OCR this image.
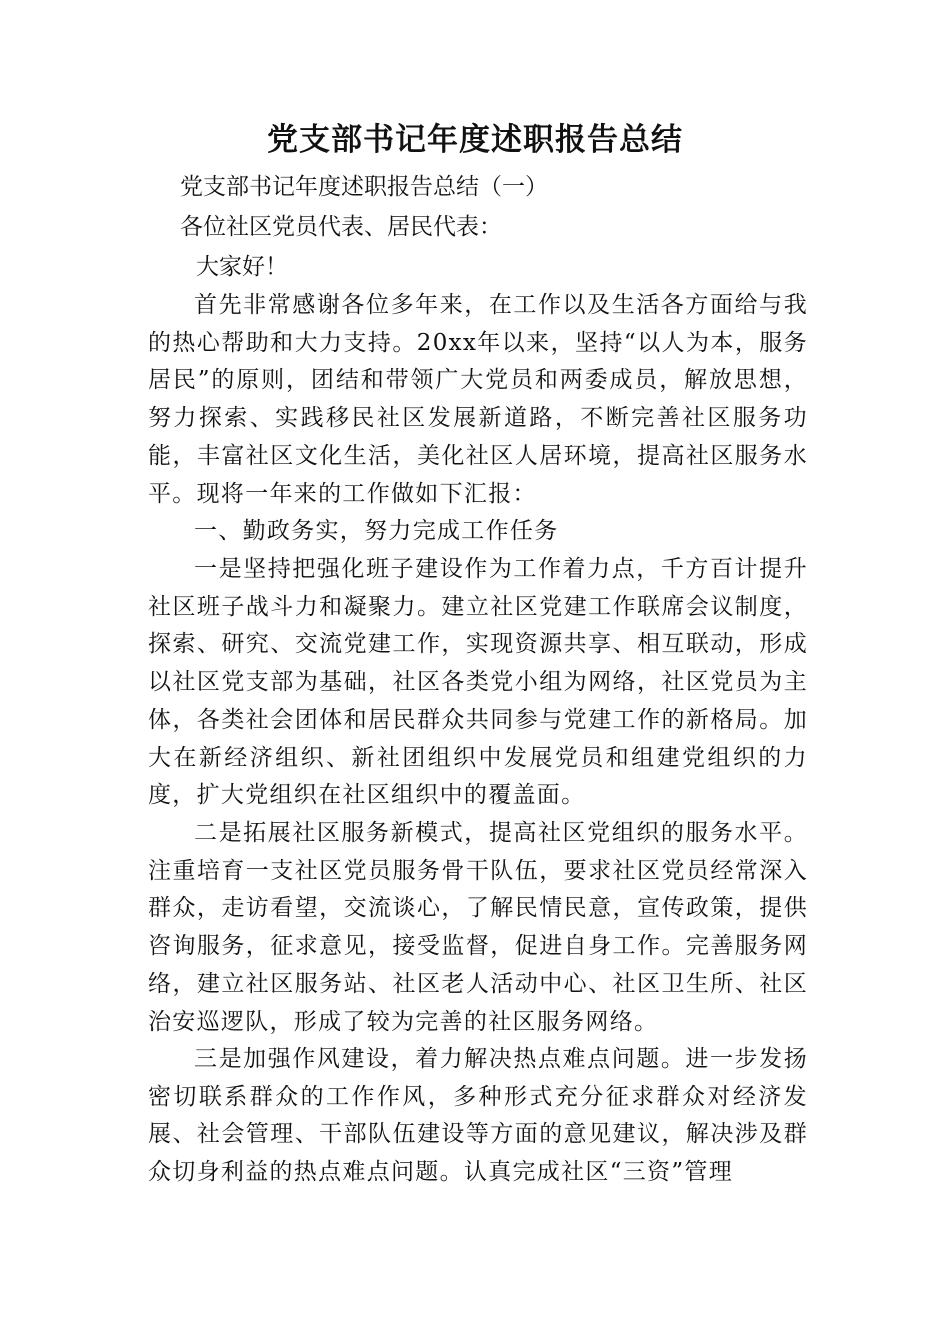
党支部书记年度述职报告总结

党支部书记年度述职报告总结（一）

各位社区党员代表、居民代表：

大家好！

首先非常感谢各位多年来，在工作以及生活各方面给与我的热心帮助和大力支持。20xx年以来，坚持“以人为本，服务居民”的原则，团结和带领广大党员和两委成员，解放思想，努力探索、实践移民社区发展新道路，不断完善社区服务功能，丰富社区文化生活，美化社区人居环境，提高社区服务水平。现将一年来的工作做如下汇报：

一、勤政务实，努力完成工作任务

一是坚持把强化班子建设作为工作着力点，千方百计提升社区班子战斗力和凝聚力。建立社区党建工作联席会议制度，探索、研究、交流党建工作，实现资源共享、相互联动，形成以社区党支部为基础，社区各类党小组为网络，社区党员为主体，各类社会团体和居民群众共同参与党建工作的新格局。加大在新经济组织、新社团组织中发展党员和组建党组织的力度，扩大党组织在社区组织中的覆盖面。

二是拓展社区服务新模式，提高社区党组织的服务水平。注重培育一支社区党员服务骨干队伍，要求社区党员经常深入群众，走访看望，交流谈心，了解民情民意，宣传政策，提供咨询服务，征求意见，接受监督，促进自身工作。完善服务网络，建立社区服务站、社区老人活动中心、社区卫生所、社区治安巡逻队，形成了较为完善的社区服务网络。

三是加强作风建设，着力解决热点难点问题。进一步发扬密切联系群众的工作作风，多种形式充分征求群众对经济发展、社会管理、干部队伍建设等方面的意见建议，解决涉及群众切身利益的热点难点问题。认真完成社区“三资”管理
